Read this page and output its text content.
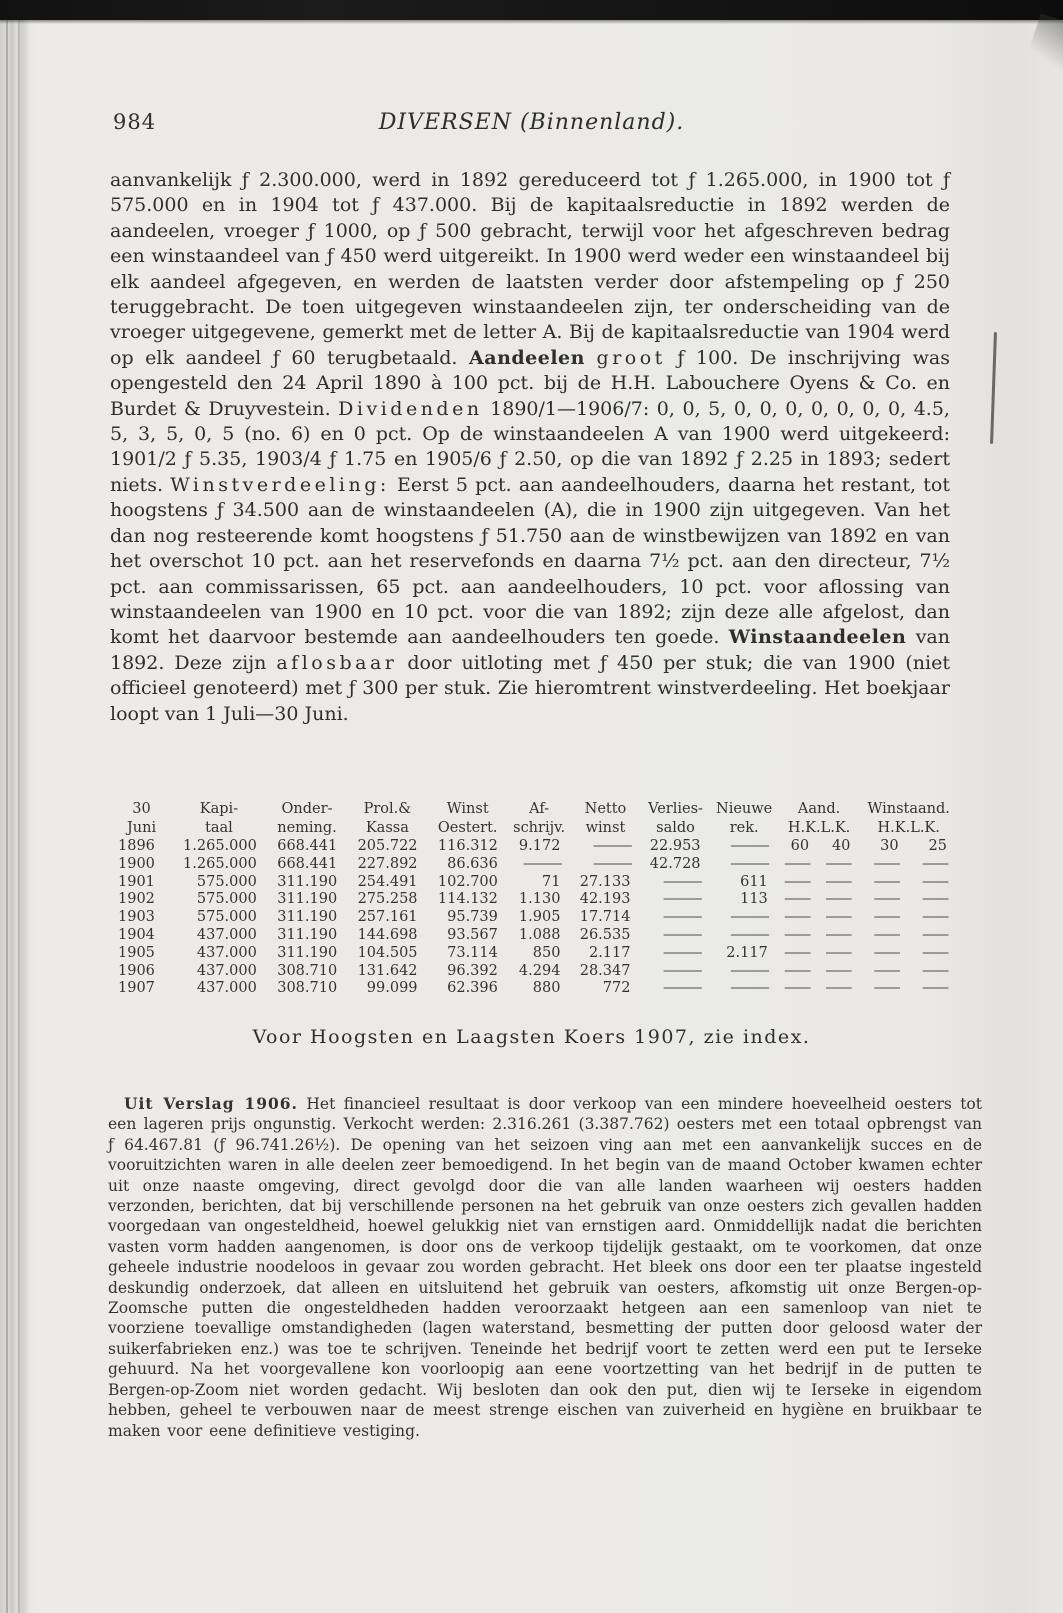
984	DIVERSEN (Binnenland).

aanvankelijk ƒ 2.300.000, werd in 1892 gereduceerd tot ƒ 1.265.000, in 1900 tot ƒ 575.000 en in 1904 tot ƒ 437.000. Bij de kapitaalsreductie in 1892 werden de aandeelen, vroeger ƒ 1000, op ƒ 500 gebracht, terwijl voor het afgeschreven bedrag een winstaandeel van ƒ 450 werd uitgereikt. In 1900 werd weder een winstaandeel bij elk aandeel afgegeven, en werden de laatsten verder door afstempeling op ƒ 250 teruggebracht. De toen uitgegeven winstaandeelen zijn, ter onderscheiding van de vroeger uitgegevene, gemerkt met de letter A. Bij de kapitaalsreductie van 1904 werd op elk aandeel ƒ 60 terugbetaald. Aandeelen groot ƒ 100. De inschrijving was opengesteld den 24 April 1890 à 100 pct. bij de H.H. Labouchere Oyens & Co. en Burdet & Druyvestein. Dividenden 1890/1—1906/7: 0, 0, 5, 0, 0, 0, 0, 0, 0, 0, 4.5, 5, 3, 5, 0, 5 (no. 6) en 0 pct. Op de winstaandeelen A van 1900 werd uitgekeerd: 1901/2 ƒ 5.35, 1903/4 ƒ 1.75 en 1905/6 ƒ 2.50, op die van 1892 ƒ 2.25 in 1893; sedert niets. Winstverdeeling: Eerst 5 pct. aan aandeelhouders, daarna het restant, tot hoogstens ƒ 34.500 aan de winstaandeelen (A), die in 1900 zijn uitgegeven. Van het dan nog resteerende komt hoogstens ƒ 51.750 aan de winstbewijzen van 1892 en van het overschot 10 pct. aan het reservefonds en daarna 7½ pct. aan den directeur, 7½ pct. aan commissarissen, 65 pct. aan aandeelhouders, 10 pct. voor aflossing van winstaandeelen van 1900 en 10 pct. voor die van 1892; zijn deze alle afgelost, dan komt het daarvoor bestemde aan aandeelhouders ten goede. Winstaandeelen van 1892. Deze zijn aflosbaar door uitloting met ƒ 450 per stuk; die van 1900 (niet officieel genoteerd) met ƒ 300 per stuk. Zie hieromtrent winstverdeeling. Het boekjaar loopt van 1 Juli—30 Juni.

30	Kapi-	Onder-	Prol.&	Winst	Af-	Netto	Verlies-	Nieuwe	Aand.		Winstaand.	
Juni	taal	neming.	Kassa	Oestert.	schrijv.	winst	saldo	rek.	H.K.L.K.		H.K.L.K.	
1896	1.265.000	668.441	205.722	116.312	9.172	———	22.953	———	60	40	30	25
1900	1.265.000	668.441	227.892	86.636	———	———	42.728	———	——	——	——	——
1901	575.000	311.190	254.491	102.700	71	27.133	———	611	——	——	——	——
1902	575.000	311.190	275.258	114.132	1.130	42.193	———	113	——	——	——	——
1903	575.000	311.190	257.161	95.739	1.905	17.714	———	———	——	——	——	——
1904	437.000	311.190	144.698	93.567	1.088	26.535	———	———	——	——	——	——
1905	437.000	311.190	104.505	73.114	850	2.117	———	2.117	——	——	——	——
1906	437.000	308.710	131.642	96.392	4.294	28.347	———	———	——	——	——	——
1907	437.000	308.710	99.099	62.396	880	772	———	———	——	——	——	——

Voor Hoogsten en Laagsten Koers 1907, zie index.

Uit Verslag 1906. Het financieel resultaat is door verkoop van een mindere hoeveelheid oesters tot een lageren prijs ongunstig. Verkocht werden: 2.316.261 (3.387.762) oesters met een totaal opbrengst van ƒ 64.467.81 (ƒ 96.741.26½). De opening van het seizoen ving aan met een aanvankelijk succes en de vooruitzichten waren in alle deelen zeer bemoedigend. In het begin van de maand October kwamen echter uit onze naaste omgeving, direct gevolgd door die van alle landen waarheen wij oesters hadden verzonden, berichten, dat bij verschillende personen na het gebruik van onze oesters zich gevallen hadden voorgedaan van ongesteldheid, hoewel gelukkig niet van ernstigen aard. Onmiddellijk nadat die berichten vasten vorm hadden aangenomen, is door ons de verkoop tijdelijk gestaakt, om te voorkomen, dat onze geheele industrie noodeloos in gevaar zou worden gebracht. Het bleek ons door een ter plaatse ingesteld deskundig onderzoek, dat alleen en uitsluitend het gebruik van oesters, afkomstig uit onze Bergen-op-Zoomsche putten die ongesteldheden hadden veroorzaakt hetgeen aan een samenloop van niet te voorziene toevallige omstandigheden (lagen waterstand, besmetting der putten door geloosd water der suikerfabrieken enz.) was toe te schrijven. Teneinde het bedrijf voort te zetten werd een put te Ierseke gehuurd. Na het voorgevallene kon voorloopig aan eene voortzetting van het bedrijf in de putten te Bergen-op-Zoom niet worden gedacht. Wij besloten dan ook den put, dien wij te Ierseke in eigendom hebben, geheel te verbouwen naar de meest strenge eischen van zuiverheid en hygiène en bruikbaar te maken voor eene definitieve vestiging.
